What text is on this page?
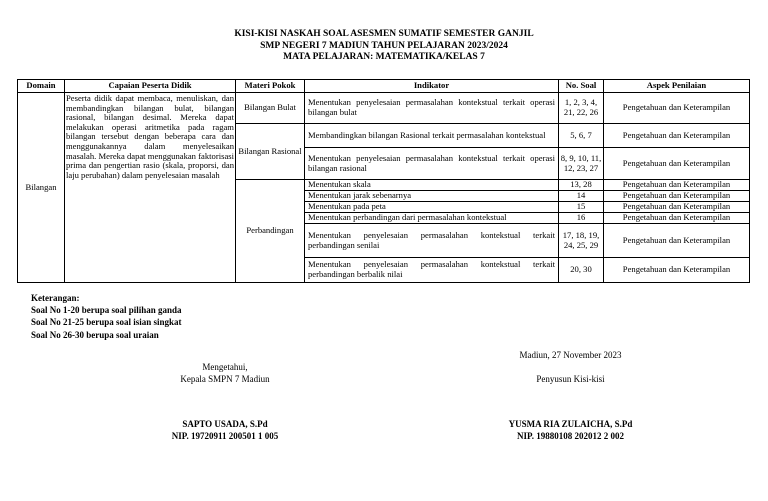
KISI-KISI NASKAH SOAL ASESMEN SUMATIF SEMESTER GANJIL
SMP NEGERI 7 MADIUN TAHUN PELAJARAN 2023/2024
MATA PELAJARAN: MATEMATIKA/KELAS 7
Domain	Capaian Peserta Didik	Materi Pokok	Indikator	No. Soal	Aspek Penilaian
Bilangan	Peserta didik dapat membaca, menuliskan, dan membandingkan bilangan bulat, bilangan rasional, bilangan desimal. Mereka dapat melakukan operasi aritmetika pada ragam bilangan tersebut dengan beberapa cara dan menggunakannya dalam menyelesaikan masalah. Mereka dapat menggunakan faktorisasi prima dan pengertian rasio (skala, proporsi, dan laju perubahan) dalam penyelesaian masalah	Bilangan Bulat	Menentukan penyelesaian permasalahan kontekstual terkait operasi bilangan bulat	1, 2, 3, 4, 21, 22, 26	Pengetahuan dan Keterampilan
		Bilangan Rasional	Membandingkan bilangan Rasional terkait permasalahan kontekstual	5, 6, 7	Pengetahuan dan Keterampilan
			Menentukan penyelesaian permasalahan kontekstual terkait operasi bilangan rasional	8, 9, 10, 11, 12, 23, 27	Pengetahuan dan Keterampilan
		Perbandingan	Menentukan skala	13, 28	Pengetahuan dan Keterampilan
			Menentukan jarak sebenarnya	14	Pengetahuan dan Keterampilan
			Menentukan pada peta	15	Pengetahuan dan Keterampilan
			Menentukan perbandingan dari permasalahan kontekstual	16	Pengetahuan dan Keterampilan
			Menentukan penyelesaian permasalahan kontekstual terkait perbandingan senilai	17, 18, 19, 24, 25, 29	Pengetahuan dan Keterampilan
			Menentukan penyelesaian permasalahan kontekstual terkait perbandingan berbalik nilai	20, 30	Pengetahuan dan Keterampilan
Keterangan:
Soal No 1-20 berupa soal pilihan ganda
Soal No 21-25 berupa soal isian singkat
Soal No 26-30 berupa soal uraian
Mengetahui,
Kepala SMPN 7 Madiun
SAPTO USADA, S.Pd
NIP. 19720911 200501 1 005
Madiun, 27 November 2023
Penyusun Kisi-kisi
YUSMA RIA ZULAICHA, S.Pd
NIP. 19880108 202012 2 002
